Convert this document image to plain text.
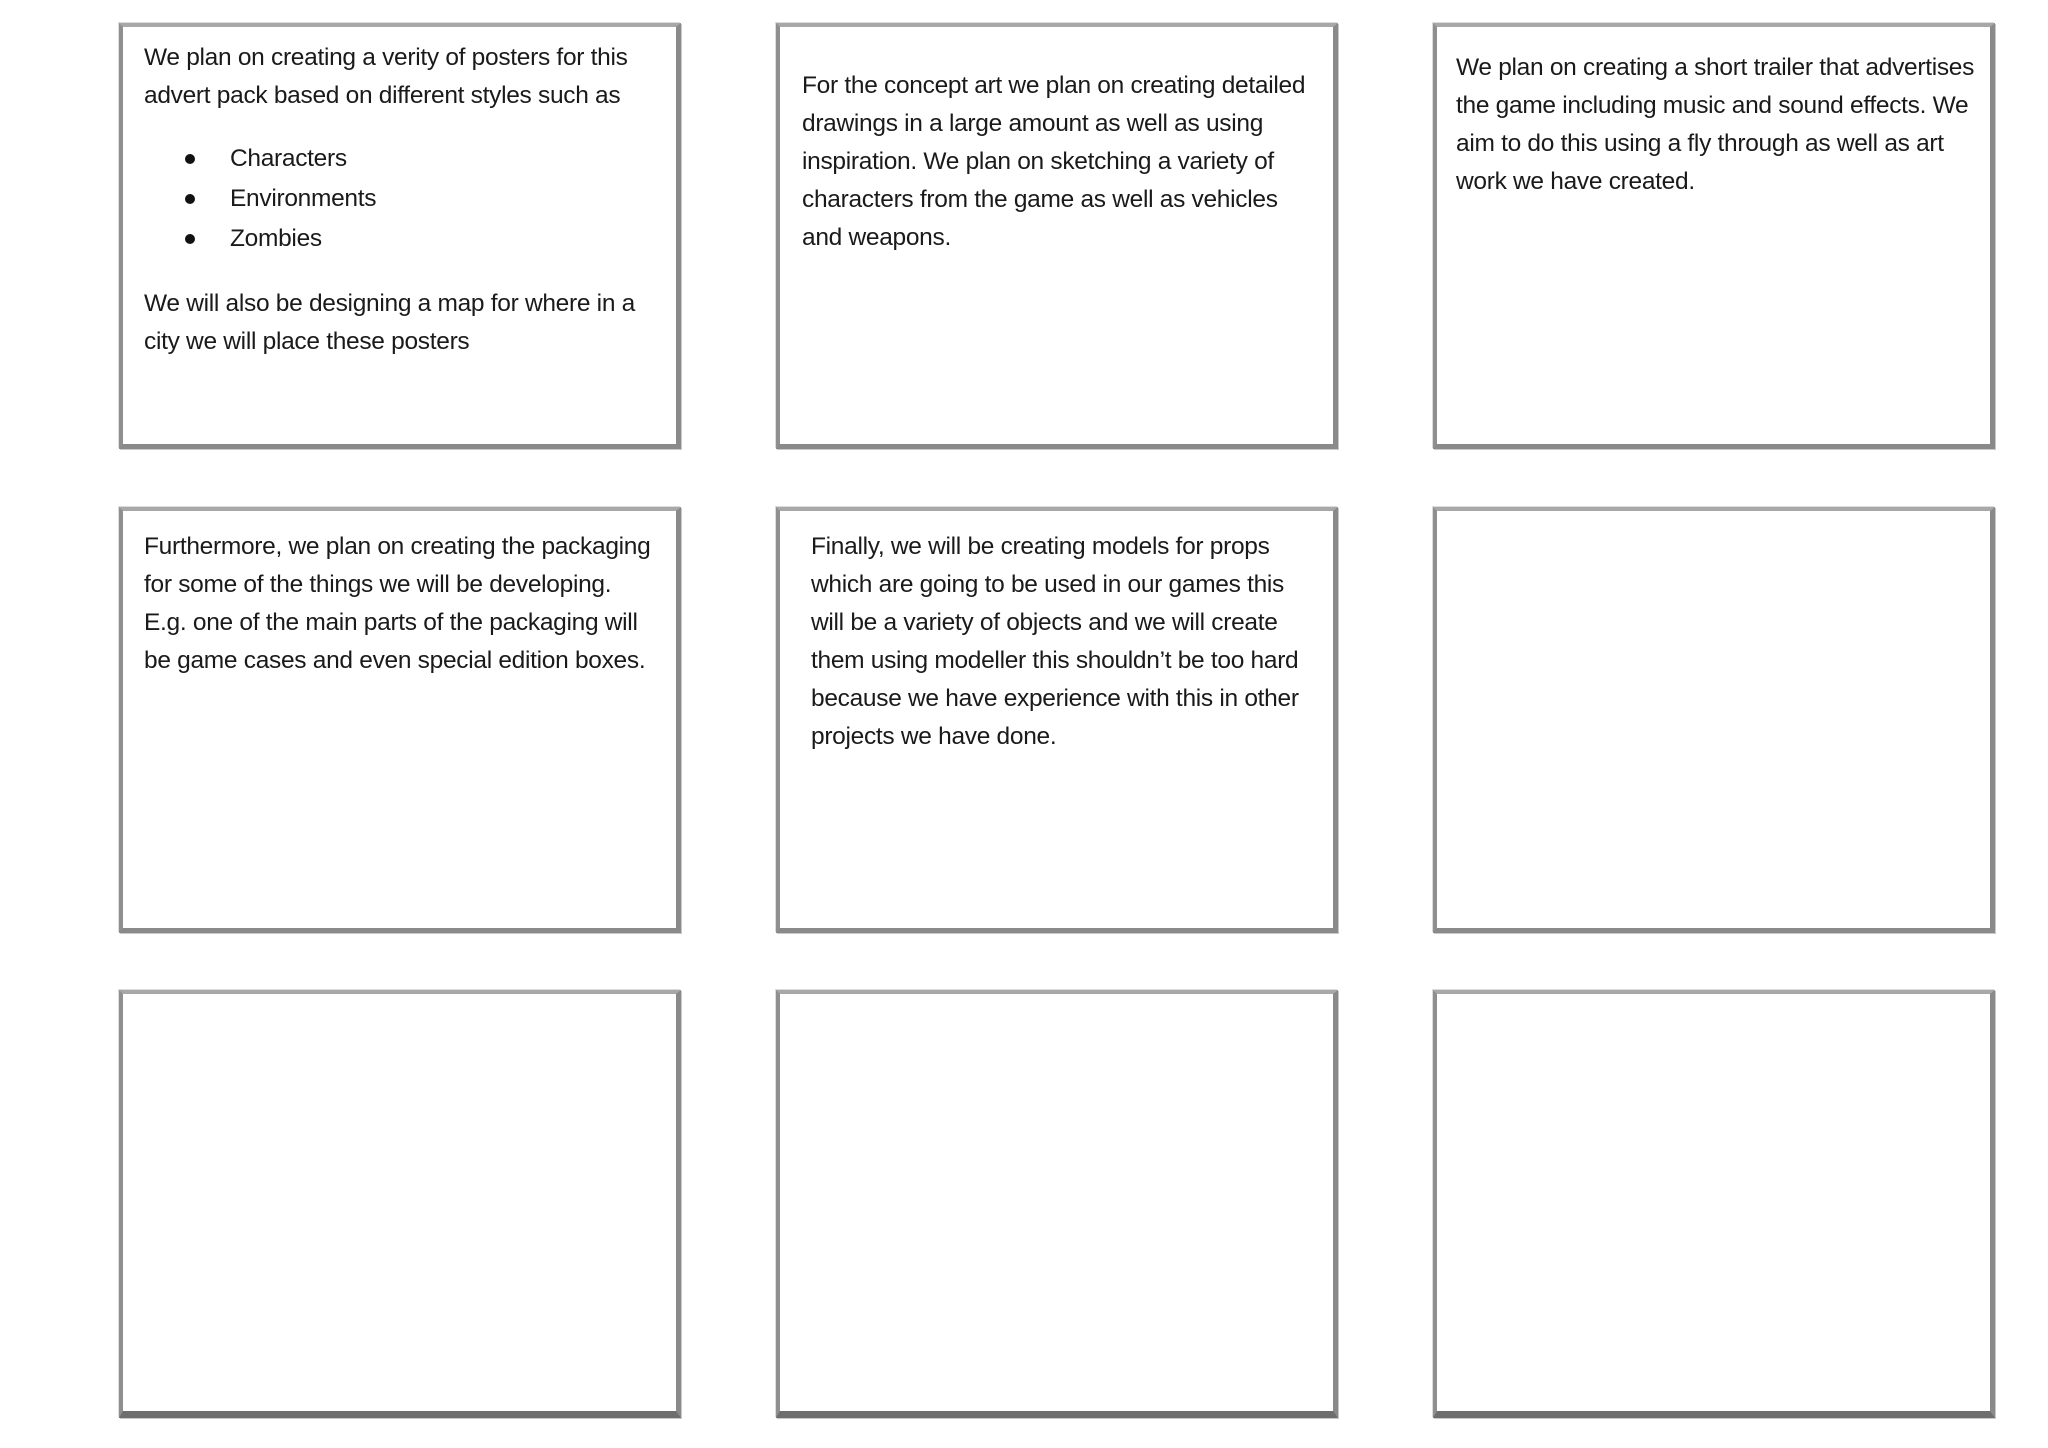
We plan on creating a verity of posters for this advert pack based on different styles such as

Characters
Environments
Zombies

We will also be designing a map for where in a city we will place these posters

For the concept art we plan on creating detailed drawings in a large amount as well as using inspiration. We plan on sketching a variety of characters from the game as well as vehicles and weapons.
We plan on creating a short trailer that advertises the game including music and sound effects. We aim to do this using a fly through as well as art work we have created.
Furthermore, we plan on creating the packaging for some of the things we will be developing. E.g. one of the main parts of the packaging will be game cases and even special edition boxes.
Finally, we will be creating models for props which are going to be used in our games this will be a variety of objects and we will create them using modeller this shouldn’t be too hard because we have experience with this in other projects we have done.
